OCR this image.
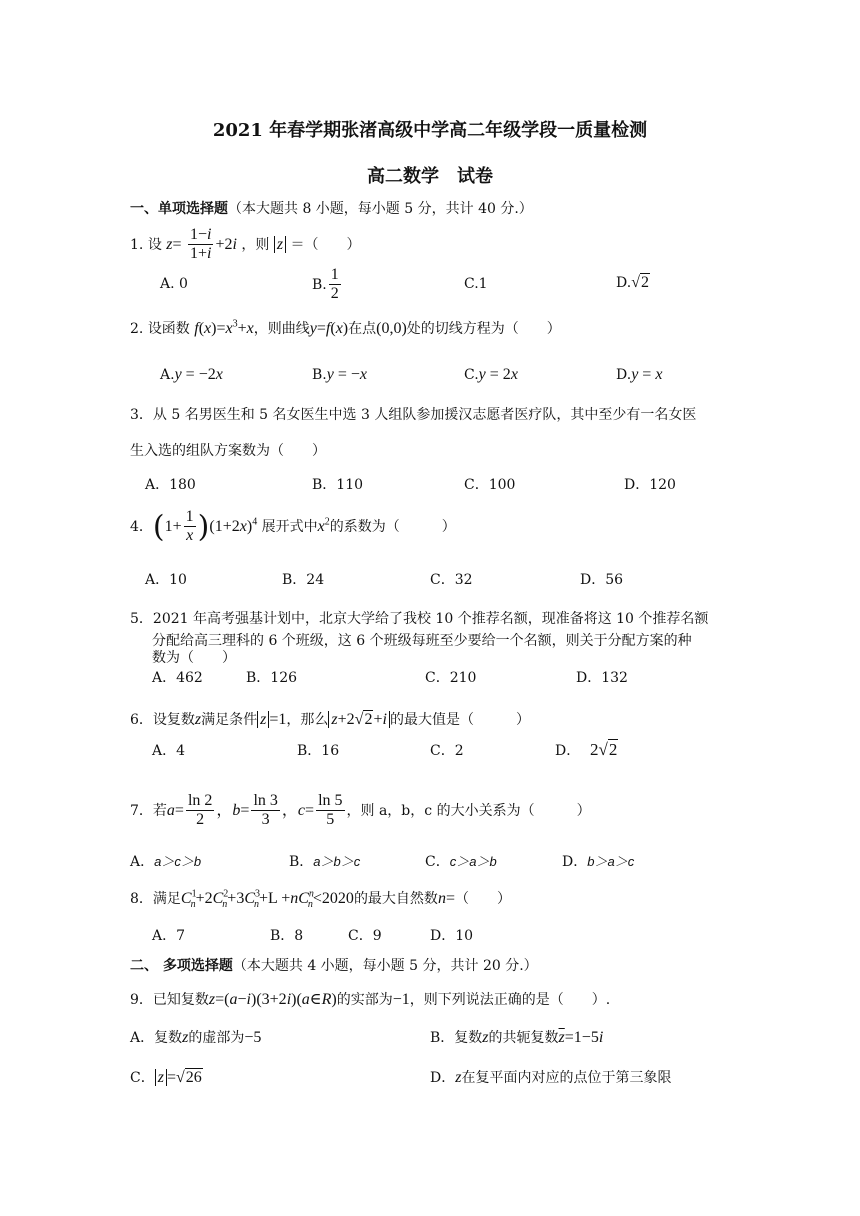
2021 年春学期张渚高级中学高二年级学段一质量检测
高二数学　试卷
一、单项选择题（本大题共 8 小题，每小题 5 分，共计 40 分.）
1. 设 $z= \frac{1-i}{1+i} +2i$ ，则 z ＝（　　）
A. 0	B. $\frac{1}{2}$	C.1	D.√2
2. 设函数 $f(x)=x^3+x$，则曲线y=f(x)在点(0,0)处的切线方程为（　　）
A.y = −2x	B.y = −x	C.y = 2x	D.y = x
3．从 5 名男医生和 5 名女医生中选 3 人组队参加援汉志愿者医疗队，其中至少有一名女医
生入选的组队方案数为（　　）
A．180	B．110	C．100	D．120
4．$(1+ \frac{1}{x} )(1+2x)^4$ 展开式中$x^2$的系数为（　　　）
A．10	B．24	C．32	D．56
5．2021 年高考强基计划中，北京大学给了我校 10 个推荐名额，现准备将这 10 个推荐名额
分配给高三理科的 6 个班级，这 6 个班级每班至少要给一个名额，则关于分配方案的种
数为（　　）
A．462	B．126	C．210	D．132
6．设复数z满足条件 z =1，那么 z+2√2+i 的最大值是（　　　）
A．4	B．16	C．2	D． 2√2
7．若$a= \frac{\ln 2}{2}$ ，$b= \frac{\ln 3}{3}$ ，$c= \frac{\ln 5}{5}$ ，则 a，b，c 的大小关系为（　　　）
A．a＞c＞b	B．a＞b＞c	C．c＞a＞b	D．b＞a＞c
8．满足$C^1_n+2C^2_n+3C^3_n+L +nC^n_n<2020$的最大自然数n=（　　）
A．7	B．8	C．9	D．10
二、 多项选择题（本大题共 4 小题，每小题 5 分，共计 20 分.）
9．已知复数z=(a−i)(3+2i)(a∈R)的实部为−1，则下列说法正确的是（　　）.
A．复数z的虚部为−5	B．复数z的共轭复数$\overline{z}=1-5i$
C． z =√26	D．z在复平面内对应的点位于第三象限
